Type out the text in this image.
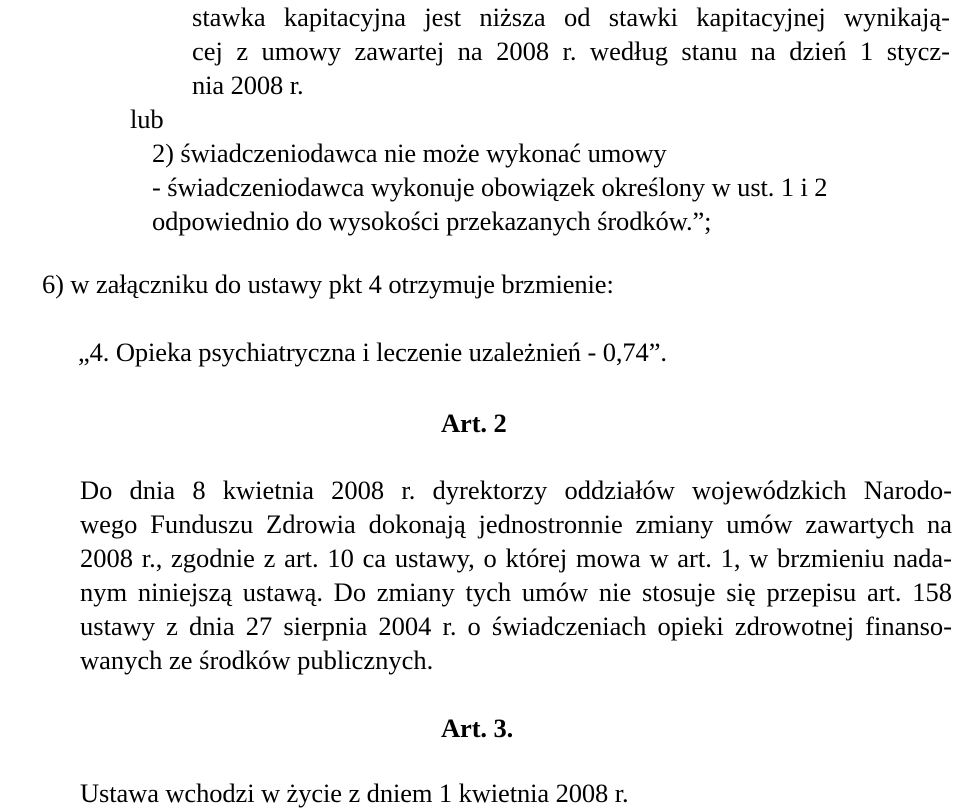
stawka kapitacyjna jest niższa od stawki kapitacyjnej wynikają-
cej z umowy zawartej na 2008 r. według stanu na dzień 1 stycz-
nia 2008 r.
lub
2) świadczeniodawca nie może wykonać umowy
- świadczeniodawca wykonuje obowiązek określony w ust. 1 i 2
odpowiednio do wysokości przekazanych środków.”;
6) w załączniku do ustawy pkt 4 otrzymuje brzmienie:
„4. Opieka psychiatryczna i leczenie uzależnień - 0,74”.
Art. 2
Do dnia 8 kwietnia 2008 r. dyrektorzy oddziałów wojewódzkich Narodo-
wego Funduszu Zdrowia dokonają jednostronnie zmiany umów zawartych na
2008 r., zgodnie z art. 10 ca ustawy, o której mowa w art. 1, w brzmieniu nada-
nym niniejszą ustawą. Do zmiany tych umów nie stosuje się przepisu art. 158
ustawy z dnia 27 sierpnia 2004 r. o świadczeniach opieki zdrowotnej finanso-
wanych ze środków publicznych.
Art. 3.
Ustawa wchodzi w życie z dniem 1 kwietnia 2008 r.
